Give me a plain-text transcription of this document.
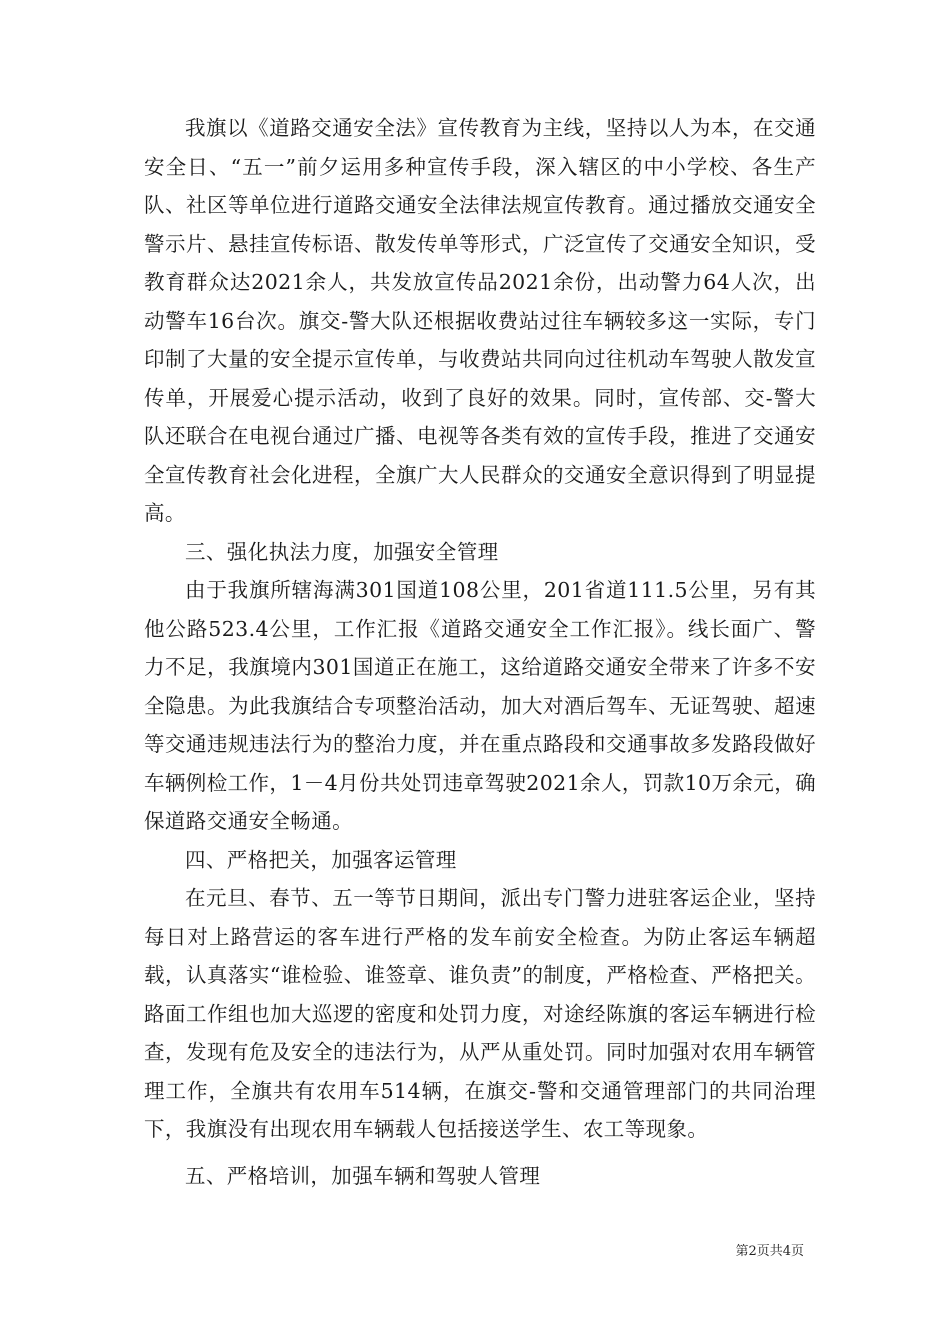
我旗以《道路交通安全法》宣传教育为主线，坚持以人为本，在交通安全日、“五一”前夕运用多种宣传手段，深入辖区的中小学校、各生产队、社区等单位进行道路交通安全法律法规宣传教育。通过播放交通安全警示片、悬挂宣传标语、散发传单等形式，广泛宣传了交通安全知识，受教育群众达2021余人，共发放宣传品2021余份，出动警力64人次，出动警车16台次。旗交-警大队还根据收费站过往车辆较多这一实际，专门印制了大量的安全提示宣传单，与收费站共同向过往机动车驾驶人散发宣传单，开展爱心提示活动，收到了良好的效果。同时，宣传部、交-警大队还联合在电视台通过广播、电视等各类有效的宣传手段，推进了交通安全宣传教育社会化进程，全旗广大人民群众的交通安全意识得到了明显提高。

三、强化执法力度，加强安全管理

由于我旗所辖海满301国道108公里，201省道111.5公里，另有其他公路523.4公里，工作汇报《道路交通安全工作汇报》。线长面广、警力不足，我旗境内301国道正在施工，这给道路交通安全带来了许多不安全隐患。为此我旗结合专项整治活动，加大对酒后驾车、无证驾驶、超速等交通违规违法行为的整治力度，并在重点路段和交通事故多发路段做好车辆例检工作，1－4月份共处罚违章驾驶2021余人，罚款10万余元，确保道路交通安全畅通。

四、严格把关，加强客运管理

在元旦、春节、五一等节日期间，派出专门警力进驻客运企业，坚持每日对上路营运的客车进行严格的发车前安全检查。为防止客运车辆超载，认真落实“谁检验、谁签章、谁负责”的制度，严格检查、严格把关。路面工作组也加大巡逻的密度和处罚力度，对途经陈旗的客运车辆进行检查，发现有危及安全的违法行为，从严从重处罚。同时加强对农用车辆管理工作，全旗共有农用车514辆，在旗交-警和交通管理部门的共同治理下，我旗没有出现农用车辆载人包括接送学生、农工等现象。

五、严格培训，加强车辆和驾驶人管理

第2页共4页
